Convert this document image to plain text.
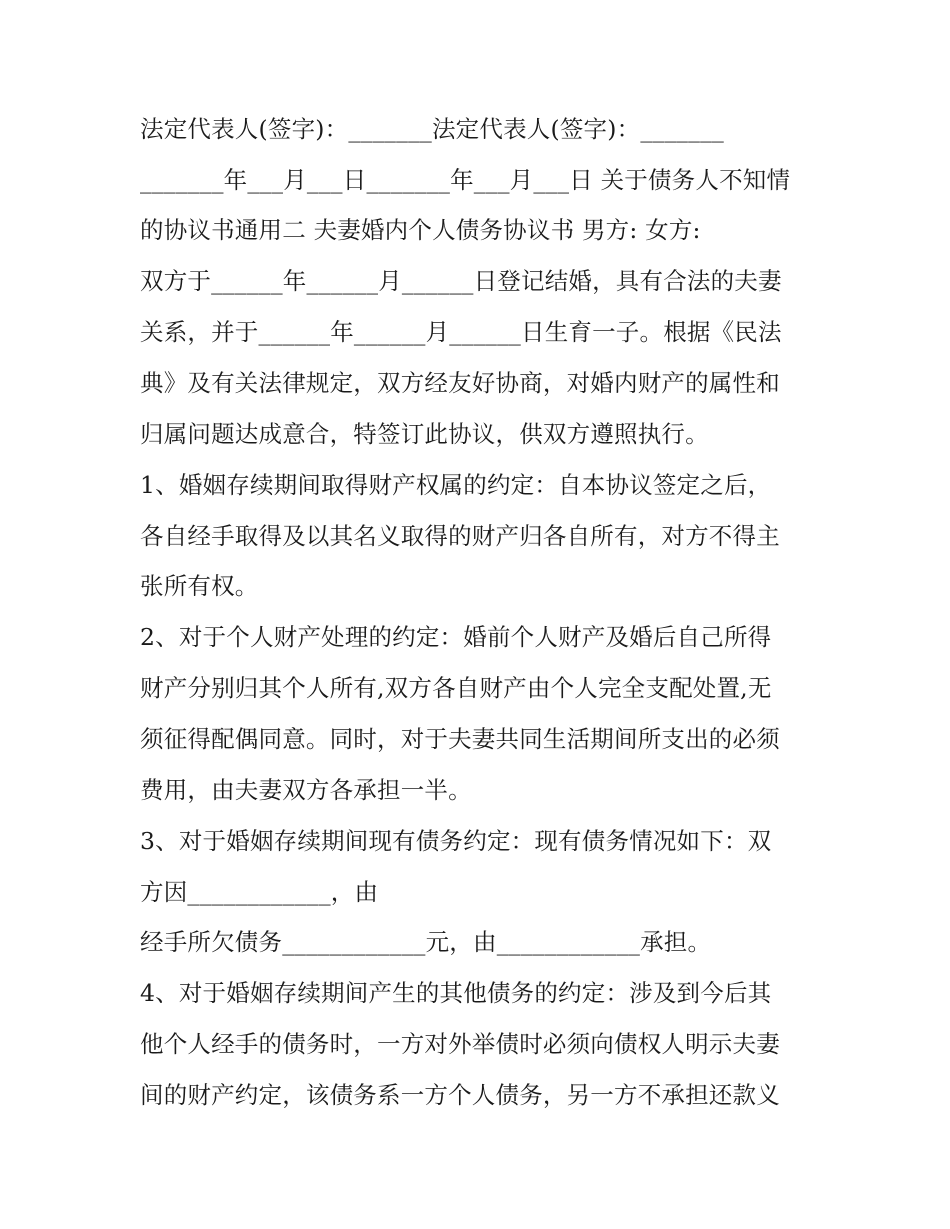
法定代表人(签字)：_______法定代表人(签字)：_______
_______年___月___日_______年___月___日 关于债务人不知情
的协议书通用二 夫妻婚内个人债务协议书 男方: 女方:
双方于______年______月______日登记结婚，具有合法的夫妻
关系，并于______年______月______日生育一子。根据《民法
典》及有关法律规定，双方经友好协商，对婚内财产的属性和
归属问题达成意合，特签订此协议，供双方遵照执行。
1、婚姻存续期间取得财产权属的约定：自本协议签定之后，
各自经手取得及以其名义取得的财产归各自所有，对方不得主
张所有权。
2、对于个人财产处理的约定：婚前个人财产及婚后自己所得
财产分别归其个人所有,双方各自财产由个人完全支配处置,无
须征得配偶同意。同时，对于夫妻共同生活期间所支出的必须
费用，由夫妻双方各承担一半。
3、对于婚姻存续期间现有债务约定：现有债务情况如下：双
方因____________，由
经手所欠债务____________元，由____________承担。
4、对于婚姻存续期间产生的其他债务的约定：涉及到今后其
他个人经手的债务时，一方对外举债时必须向债权人明示夫妻
间的财产约定，该债务系一方个人债务，另一方不承担还款义
